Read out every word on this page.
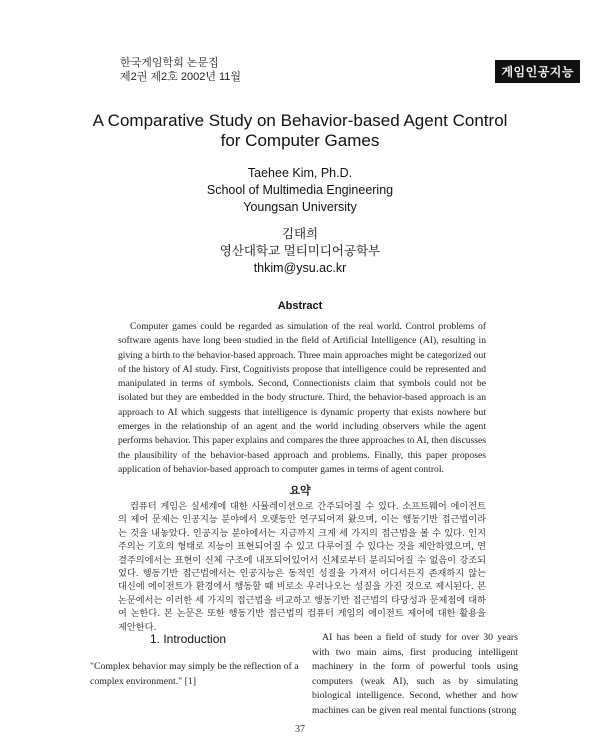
한국게임학회 논문집
제2권 제2호 2002년 11월	게임인공지능
A Comparative Study on Behavior-based Agent Control
for Computer Games
Taehee Kim, Ph.D.
School of Multimedia Engineering
Youngsan University
김태희
영산대학교 멀티미디어공학부
thkim@ysu.ac.kr
Abstract
Computer games could be regarded as simulation of the real world. Control problems of software agents have long been studied in the field of Artificial Intelligence (AI), resulting in giving a birth to the behavior-based approach. Three main approaches might be categorized out of the history of AI study. First, Cognitivists propose that intelligence could be represented and manipulated in terms of symbols. Second, Connectionists claim that symbols could not be isolated but they are embedded in the body structure. Third, the behavior-based approach is an approach to AI which suggests that intelligence is dynamic property that exists nowhere but emerges in the relationship of an agent and the world including observers while the agent performs behavior. This paper explains and compares the three approaches to AI, then discusses the plausibility of the behavior-based approach and problems. Finally, this paper proposes application of behavior-based approach to computer games in terms of agent control.
요약
컴퓨터 게임은 실세계에 대한 시뮬레이션으로 간주되어질 수 있다. 소프트웨어 에이전트의 제어 문제는 인공지능 분야에서 오랫동안 연구되어져 왔으며, 이는 행동기반 접근법이라는 것을 내놓았다. 인공지능 분야에서는 지금까지 크게 세 가지의 접근법을 볼 수 있다. 인지주의는 기호의 형태로 지능이 표현되어질 수 있고 다루어질 수 있다는 것을 제안하였으며, 연결주의에서는 표현이 신체 구조에 내포되어있어서 신체로부터 분리되어질 수 없음이 강조되었다. 행동기반 접근법에서는 인공지능은 동적인 성질을 가져서 어디서든지 존재하지 않는 대신에 에이전트가 환경에서 행동할 때 비로소 우러나오는 성질을 가진 것으로 제시된다. 본 논문에서는 이러한 세 가지의 접근법을 비교하고 행동기반 접근법의 타당성과 문제점에 대하여 논한다. 본 논문은 또한 행동기반 접근법의 컴퓨터 게임의 에이전트 제어에 대한 활용을 제안한다.
1. Introduction
"Complex behavior may simply be the reflection of a complex environment." [1]
AI has been a field of study for over 30 years with two main aims, first producing intelligent machinery in the form of powerful tools using computers (weak AI), such as by simulating biological intelligence. Second, whether and how machines can be given real mental functions (strong
37
